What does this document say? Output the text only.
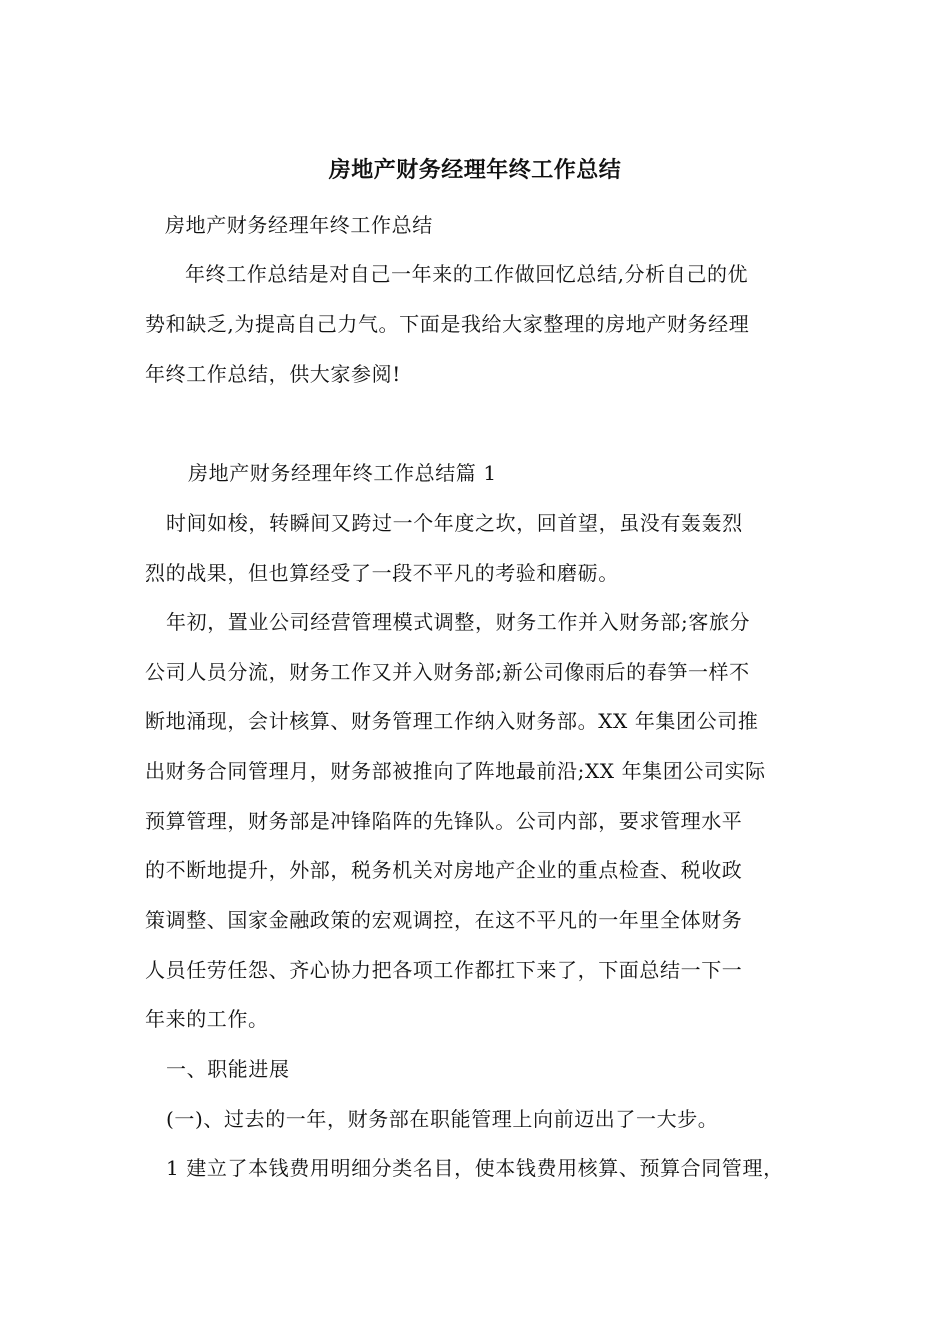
房地产财务经理年终工作总结
房地产财务经理年终工作总结
年终工作总结是对自己一年来的工作做回忆总结,分析自己的优
势和缺乏,为提高自己力气。下面是我给大家整理的房地产财务经理
年终工作总结，供大家参阅!
房地产财务经理年终工作总结篇 1
时间如梭，转瞬间又跨过一个年度之坎，回首望，虽没有轰轰烈
烈的战果，但也算经受了一段不平凡的考验和磨砺。
年初，置业公司经营管理模式调整，财务工作并入财务部;客旅分
公司人员分流，财务工作又并入财务部;新公司像雨后的春笋一样不
断地涌现，会计核算、财务管理工作纳入财务部。XX 年集团公司推
出财务合同管理月，财务部被推向了阵地最前沿;XX 年集团公司实际
预算管理，财务部是冲锋陷阵的先锋队。公司内部，要求管理水平
的不断地提升，外部，税务机关对房地产企业的重点检查、税收政
策调整、国家金融政策的宏观调控，在这不平凡的一年里全体财务
人员任劳任怨、齐心协力把各项工作都扛下来了，下面总结一下一
年来的工作。
一、职能进展
(一)、过去的一年，财务部在职能管理上向前迈出了一大步。
1 建立了本钱费用明细分类名目，使本钱费用核算、预算合同管理，
